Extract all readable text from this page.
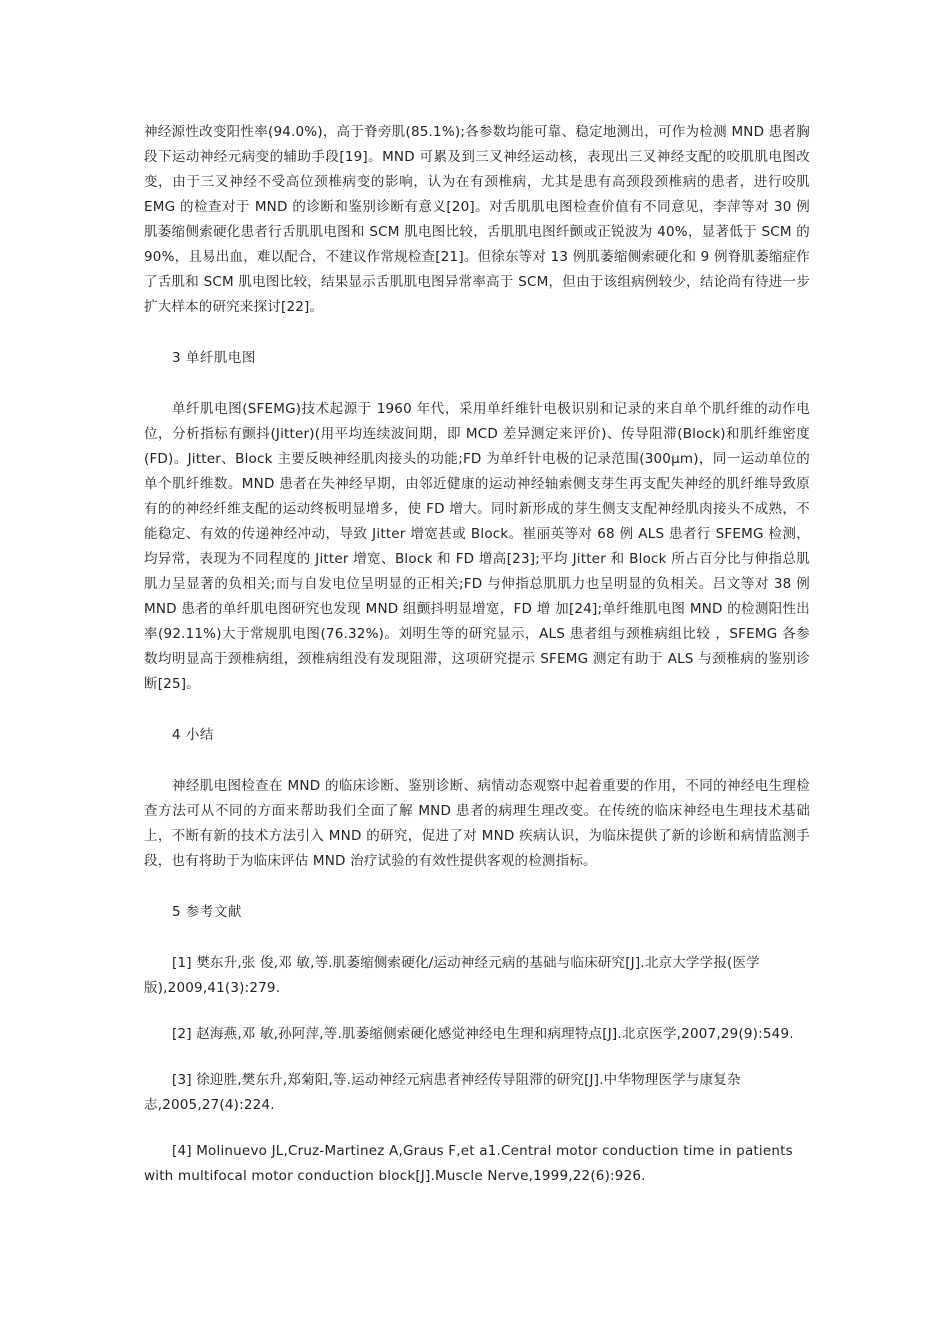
神经源性改变阳性率(94.0%)，高于脊旁肌(85.1%);各参数均能可靠、稳定地测出，可作为检测 MND 患者胸段下运动神经元病变的辅助手段[19]。MND 可累及到三叉神经运动核，表现出三叉神经支配的咬肌肌电图改变，由于三叉神经不受高位颈椎病变的影响，认为在有颈椎病，尤其是患有高颈段颈椎病的患者，进行咬肌 EMG 的检查对于 MND 的诊断和鉴别诊断有意义[20]。对舌肌肌电图检查价值有不同意见，李萍等对 30 例肌萎缩侧索硬化患者行舌肌肌电图和 SCM 肌电图比较，舌肌肌电图纤颤或正锐波为 40%，显著低于 SCM 的 90%，且易出血，难以配合，不建议作常规检查[21]。但徐东等对 13 例肌萎缩侧索硬化和 9 例脊肌萎缩症作了舌肌和 SCM 肌电图比较，结果显示舌肌肌电图异常率高于 SCM，但由于该组病例较少，结论尚有待进一步扩大样本的研究来探讨[22]。

3 单纤肌电图

单纤肌电图(SFEMG)技术起源于 1960 年代，采用单纤维针电极识别和记录的来自单个肌纤维的动作电位，分析指标有颤抖(Jitter)(用平均连续波间期，即 MCD 差异测定来评价)、传导阻滞(Block)和肌纤维密度(FD)。Jitter、Block 主要反映神经肌肉接头的功能;FD 为单纤针电极的记录范围(300μm)，同一运动单位的单个肌纤维数。MND 患者在失神经早期，由邻近健康的运动神经轴索侧支芽生再支配失神经的肌纤维导致原有的的神经纤维支配的运动终板明显增多，使 FD 增大。同时新形成的芽生侧支支配神经肌肉接头不成熟，不能稳定、有效的传递神经冲动，导致 Jitter 增宽甚或 Block。崔丽英等对 68 例 ALS 患者行 SFEMG 检测，均异常，表现为不同程度的 Jitter 增宽、Block 和 FD 增高[23];平均 Jitter 和 Block 所占百分比与伸指总肌肌力呈显著的负相关;而与自发电位呈明显的正相关;FD 与伸指总肌肌力也呈明显的负相关。吕文等对 38 例 MND 患者的单纤肌电图研究也发现 MND 组颤抖明显增宽，FD 增 加[24];单纤维肌电图 MND 的检测阳性出率(92.11%)大于常规肌电图(76.32%)。刘明生等的研究显示，ALS 患者组与颈椎病组比较 ，SFEMG 各参数均明显高于颈椎病组，颈椎病组没有发现阻滞，这项研究提示 SFEMG 测定有助于 ALS 与颈椎病的鉴别诊断[25]。

4 小结

神经肌电图检查在 MND 的临床诊断、鉴别诊断、病情动态观察中起着重要的作用，不同的神经电生理检查方法可从不同的方面来帮助我们全面了解 MND 患者的病理生理改变。在传统的临床神经电生理技术基础上，不断有新的技术方法引入 MND 的研究，促进了对 MND 疾病认识，为临床提供了新的诊断和病情监测手段，也有将助于为临床评估 MND 治疗试验的有效性提供客观的检测指标。

5 参考文献

[1] 樊东升,张 俊,邓 敏,等.肌萎缩侧索硬化/运动神经元病的基础与临床研究[J].北京大学学报(医学版),2009,41(3):279.

[2] 赵海燕,邓 敏,孙阿萍,等.肌萎缩侧索硬化感觉神经电生理和病理特点[J].北京医学,2007,29(9):549.

[3] 徐迎胜,樊东升,郑菊阳,等.运动神经元病患者神经传导阻滞的研究[J].中华物理医学与康复杂志,2005,27(4):224.

[4] Molinuevo JL,Cruz-Martinez A,Graus F,et a1.Central motor conduction time in patients with multifocal motor conduction block[J].Muscle Nerve,1999,22(6):926.
